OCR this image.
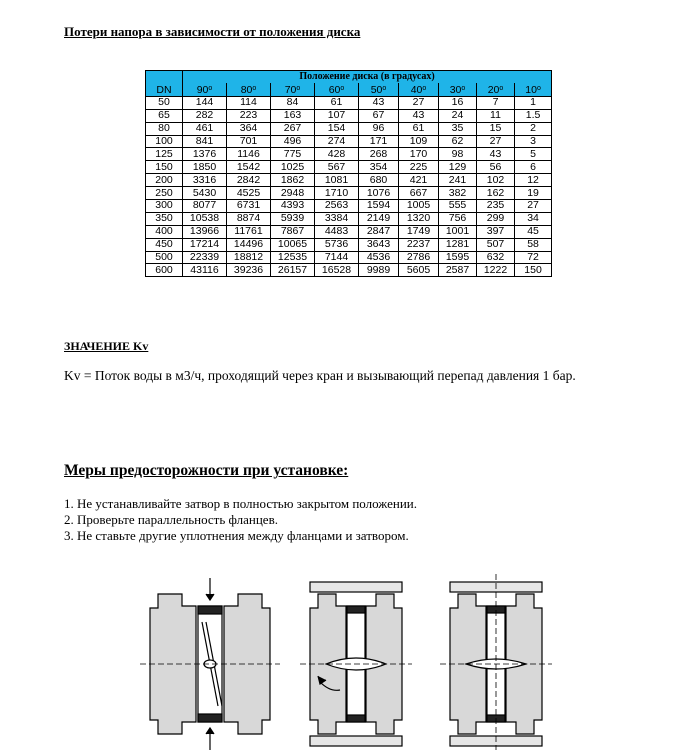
Потери напора в зависимости от положения диска
DN	Положение диска (в градусах)								
	90$^o$	80$^o$	70$^o$	60$^o$	50$^o$	40$^o$	30$^o$	20$^o$	10$^o$
50	144	114	84	61	43	27	16	7	1
65	282	223	163	107	67	43	24	11	1.5
80	461	364	267	154	96	61	35	15	2
100	841	701	496	274	171	109	62	27	3
125	1376	1146	775	428	268	170	98	43	5
150	1850	1542	1025	567	354	225	129	56	6
200	3316	2842	1862	1081	680	421	241	102	12
250	5430	4525	2948	1710	1076	667	382	162	19
300	8077	6731	4393	2563	1594	1005	555	235	27
350	10538	8874	5939	3384	2149	1320	756	299	34
400	13966	11761	7867	4483	2847	1749	1001	397	45
450	17214	14496	10065	5736	3643	2237	1281	507	58
500	22339	18812	12535	7144	4536	2786	1595	632	72
600	43116	39236	26157	16528	9989	5605	2587	1222	150
ЗНАЧЕНИЕ Kv
Kv = Поток воды в м3/ч, проходящий через кран и вызывающий перепад давления 1 бар.
Меры предосторожности при установке:
1. Не устанавливайте затвор в полностью закрытом положении.
2. Проверьте параллельность фланцев.
3. Не ставьте другие уплотнения между фланцами и затвором.
